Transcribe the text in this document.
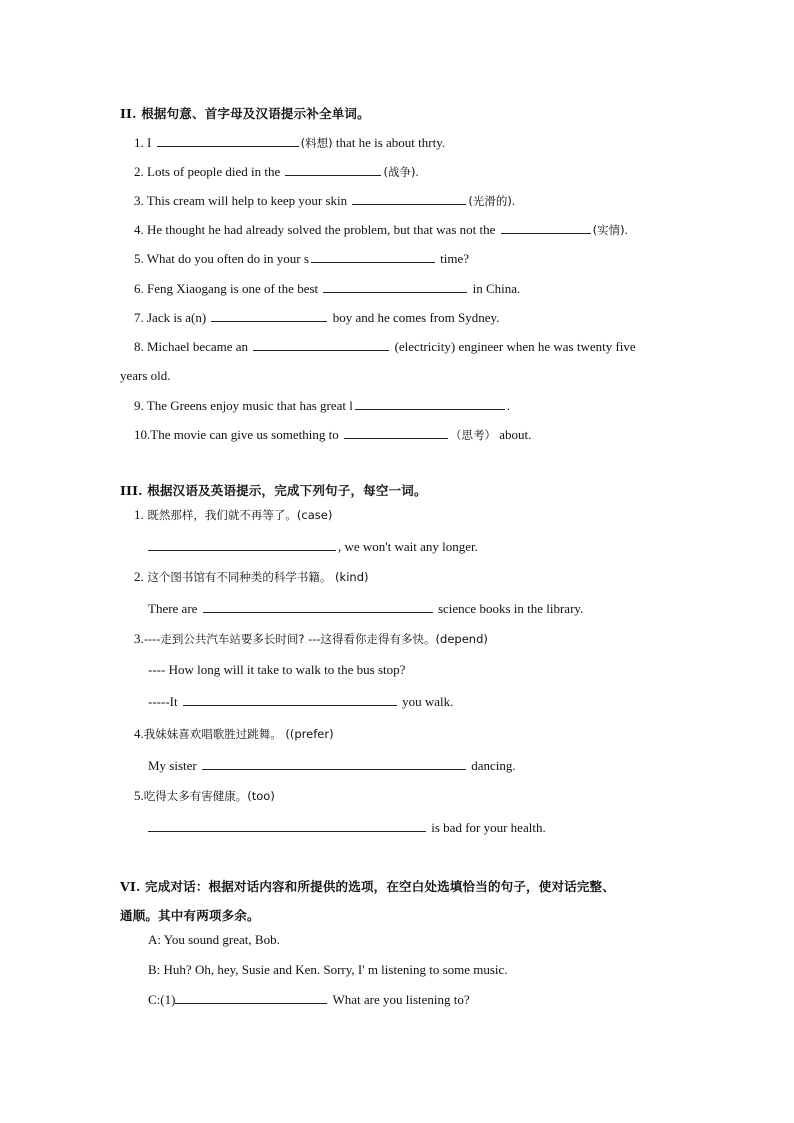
II. 根据句意、首字母及汉语提示补全单词。
1. I	(料想) that he is about thrty.
2. Lots of people died in the	(战争).
3. This cream will help to keep your skin	(光滑的).
4. He thought he had already solved the problem, but that was not the	(实情).
5. What do you often do in your s	time?
6. Feng Xiaogang is one of the best	in China.
7. Jack is a(n)	boy and he comes from Sydney.
8. Michael became an	(electricity) engineer when he was twenty five
years old.
9. The Greens enjoy music that has great l	.
10.The movie can give us something to	（思考） about.
III. 根据汉语及英语提示，完成下列句子，每空一词。
1. 既然那样，我们就不再等了。(case)
, we won't wait any longer.
2. 这个图书馆有不同种类的科学书籍。 (kind)
There are	science books in the library.
3.----走到公共汽车站要多长时间? ---这得看你走得有多快。(depend)
---- How long will it take to walk to the bus stop?
-----It	you walk.
4.我妹妹喜欢唱歌胜过跳舞。 ((prefer)
My sister	dancing.
5.吃得太多有害健康。(too)
is bad for your health.
VI. 完成对话：根据对话内容和所提供的选项，在空白处选填恰当的句子，使对话完整、
通顺。其中有两项多余。
A: You sound great, Bob.
B: Huh? Oh, hey, Susie and Ken. Sorry, I' m listening to some music.
C:(1)	What are you listening to?
